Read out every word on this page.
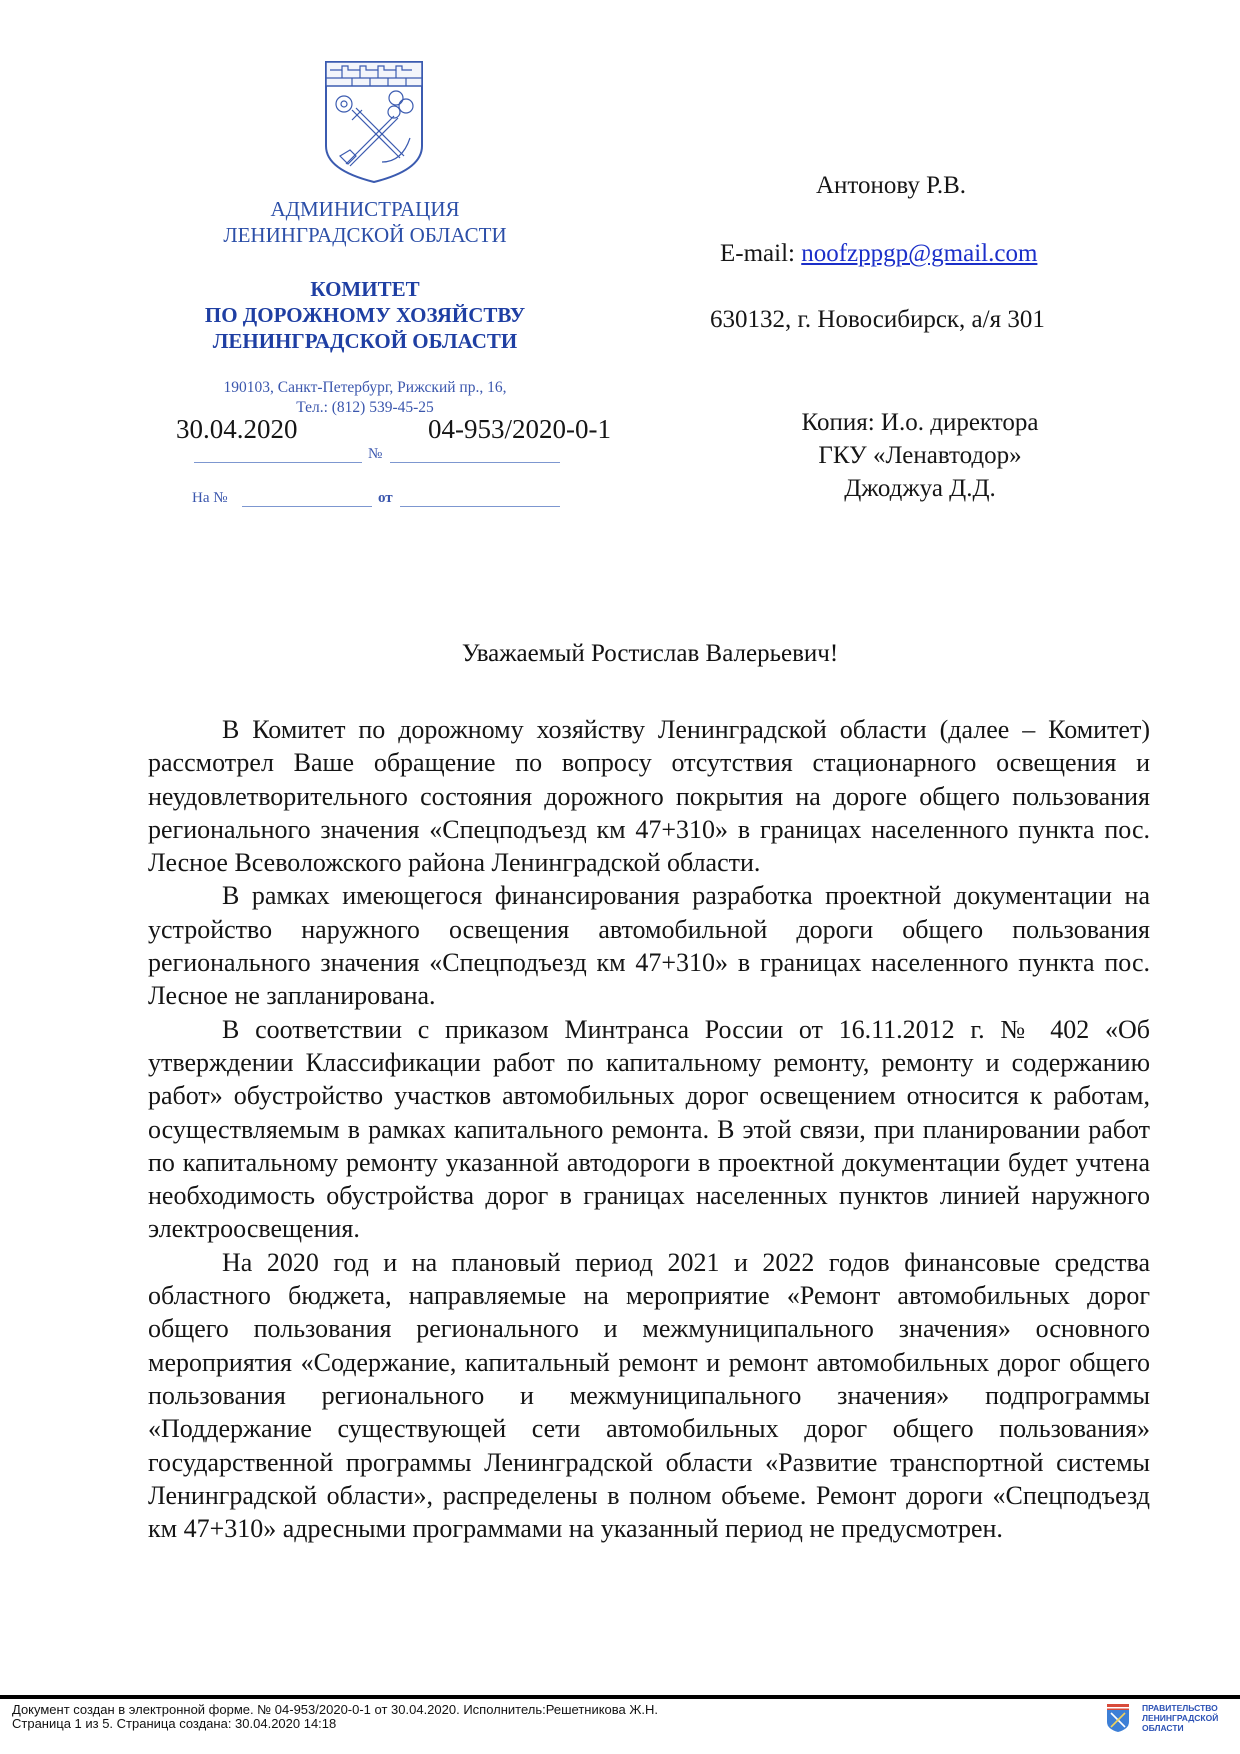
АДМИНИСТРАЦИЯ
ЛЕНИНГРАДСКОЙ ОБЛАСТИ
КОМИТЕТ
ПО ДОРОЖНОМУ ХОЗЯЙСТВУ
ЛЕНИНГРАДСКОЙ ОБЛАСТИ
190103, Санкт-Петербург, Рижский пр., 16,
Тел.: (812) 539-45-25
30.04.2020	04-953/2020-0-1
№
На №	от
Антонову Р.В.
E-mail: noofzppgp@gmail.com
630132, г. Новосибирск, а/я 301
Копия: И.о. директора
ГКУ «Ленавтодор»
Джоджуа Д.Д.
Уважаемый Ростислав Валерьевич!

В Комитет по дорожному хозяйству Ленинградской области (далее – Комитет) рассмотрел Ваше обращение по вопросу отсутствия стационарного освещения и неудовлетворительного состояния дорожного покрытия на дороге общего пользования регионального значения «Спецподъезд км 47+310» в границах населенного пункта пос. Лесное Всеволожского района Ленинградской области.

В рамках имеющегося финансирования разработка проектной документации на устройство наружного освещения автомобильной дороги общего пользования регионального значения «Спецподъезд км 47+310» в границах населенного пункта пос. Лесное не запланирована.

В соответствии с приказом Минтранса России от 16.11.2012 г. № 402 «Об утверждении Классификации работ по капитальному ремонту, ремонту и содержанию работ» обустройство участков автомобильных дорог освещением относится к работам, осуществляемым в рамках капитального ремонта. В этой связи, при планировании работ по капитальному ремонту указанной автодороги в проектной документации будет учтена необходимость обустройства дорог в границах населенных пунктов линией наружного электроосвещения.

На 2020 год и на плановый период 2021 и 2022 годов финансовые средства областного бюджета, направляемые на мероприятие «Ремонт автомобильных дорог общего пользования регионального и межмуниципального значения» основного мероприятия «Содержание, капитальный ремонт и ремонт автомобильных дорог общего пользования регионального и межмуниципального значения» подпрограммы «Поддержание существующей сети автомобильных дорог общего пользования» государственной программы Ленинградской области «Развитие транспортной системы Ленинградской области», распределены в полном объеме. Ремонт дороги «Спецподъезд км 47+310» адресными программами на указанный период не предусмотрен.

Документ создан в электронной форме. № 04-953/2020-0-1 от 30.04.2020. Исполнитель:Решетникова Ж.Н.
Страница 1 из 5. Страница создана: 30.04.2020 14:18
ПРАВИТЕЛЬСТВО
ЛЕНИНГРАДСКОЙ
ОБЛАСТИ
